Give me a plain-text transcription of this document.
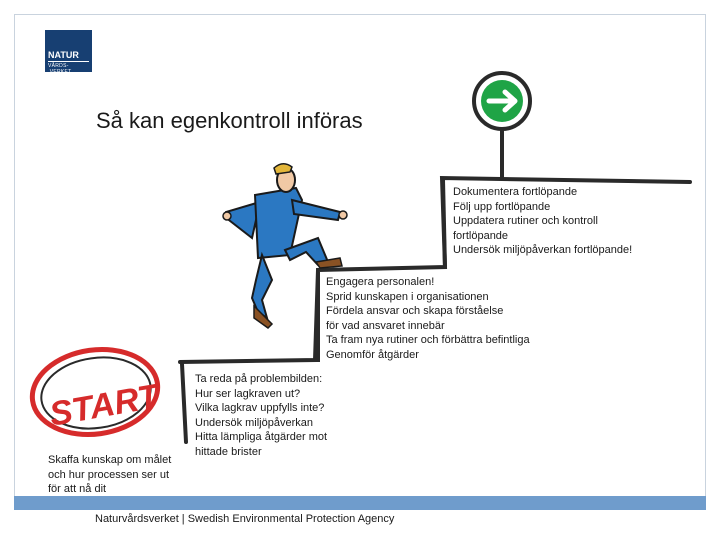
NATUR
VÅRDS- VERKET
Så kan egenkontroll införas
START
Skaffa kunskap om målet
och hur processen ser ut
för att nå dit
Ta reda på problembilden:
Hur ser lagkraven ut?
Vilka lagkrav uppfylls inte?
Undersök miljöpåverkan
Hitta lämpliga åtgärder mot
hittade brister
Engagera personalen!
Sprid kunskapen i organisationen
Fördela ansvar och skapa förståelse
för vad ansvaret innebär
Ta fram nya rutiner och förbättra befintliga
Genomför åtgärder
Dokumentera fortlöpande
Följ upp fortlöpande
Uppdatera rutiner och kontroll
fortlöpande
Undersök miljöpåverkan fortlöpande!
Naturvårdsverket | Swedish Environmental Protection Agency
